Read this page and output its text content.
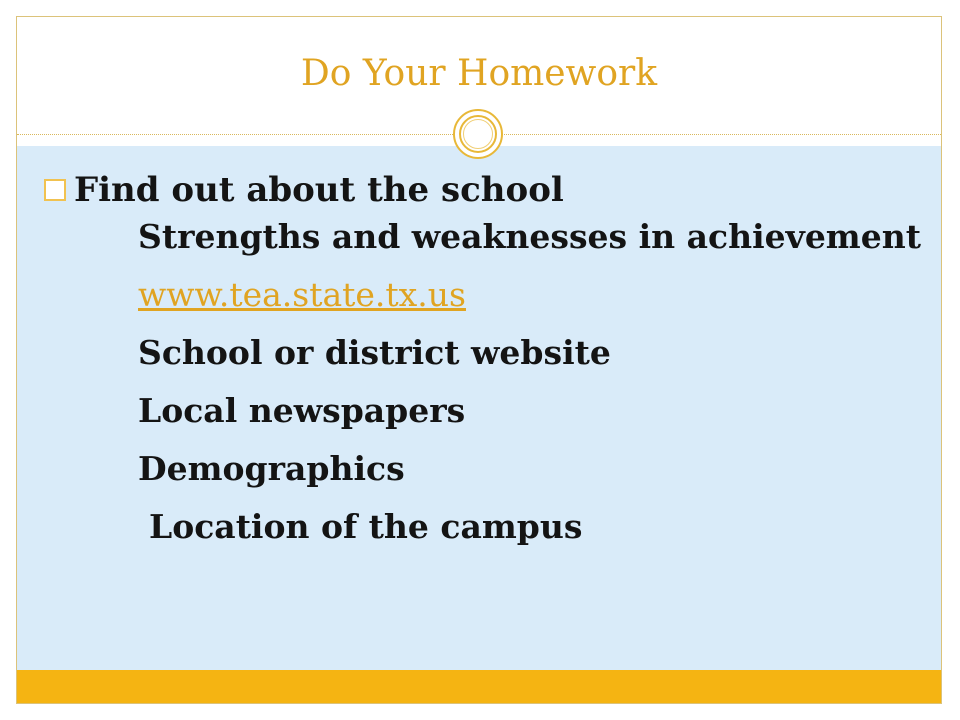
Do Your Homework
Find out about the school
Strengths and weaknesses in achievement
www.tea.state.tx.us
School or district website
Local newspapers
Demographics
Location of the campus
